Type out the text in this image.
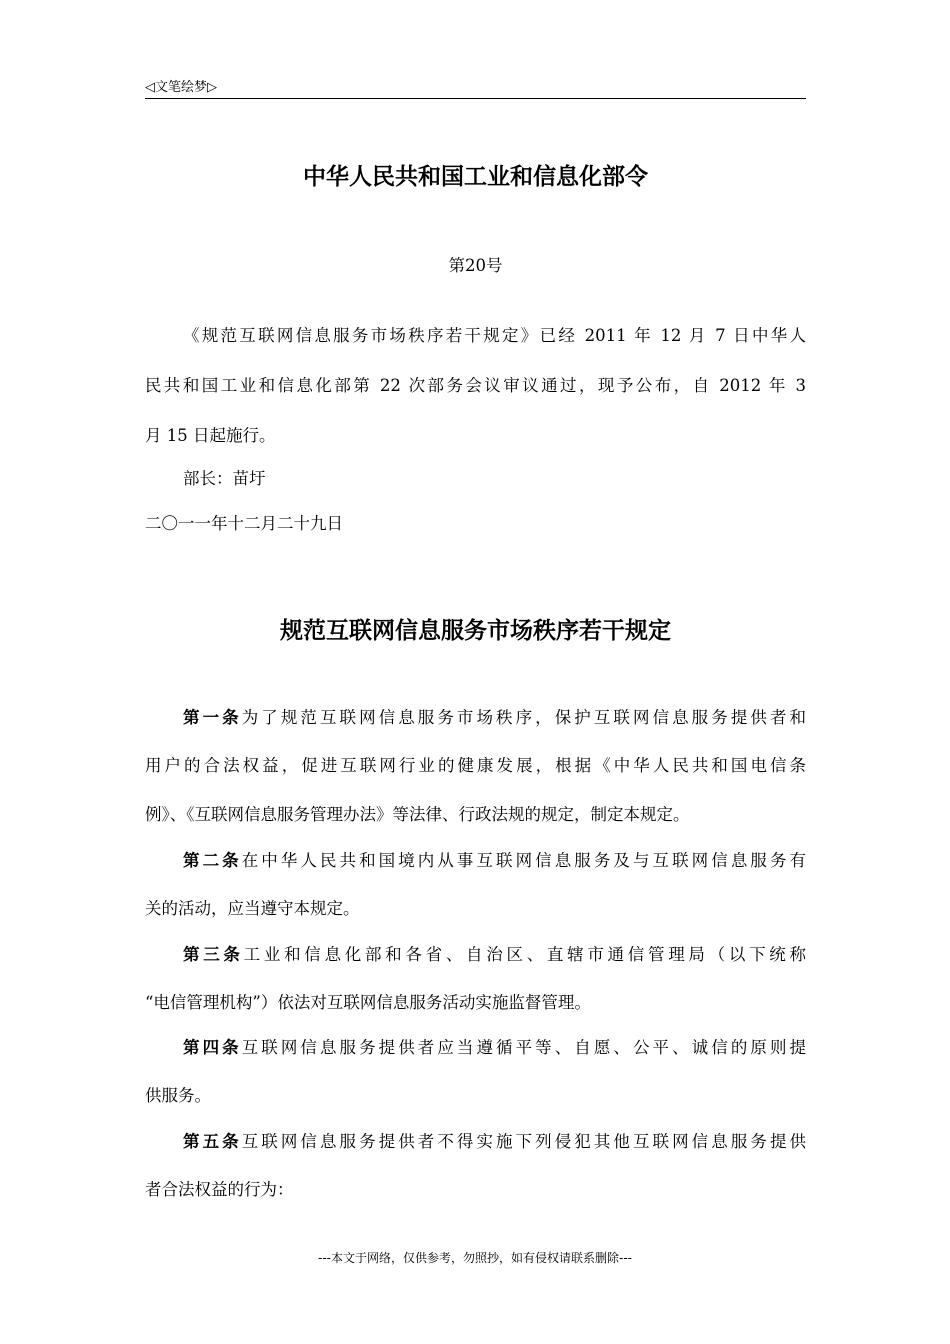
◁文笔绘梦▷
中华人民共和国工业和信息化部令
第20号
《规范互联网信息服务市场秩序若干规定》已经 2011 年 12 月 7 日中华人
民共和国工业和信息化部第 22 次部务会议审议通过，现予公布，自 2012 年 3
月 15 日起施行。
部长：苗圩
二〇一一年十二月二十九日
规范互联网信息服务市场秩序若干规定
第一条为了规范互联网信息服务市场秩序，保护互联网信息服务提供者和
用户的合法权益，促进互联网行业的健康发展，根据《中华人民共和国电信条
例》、《互联网信息服务管理办法》等法律、行政法规的规定，制定本规定。
第二条在中华人民共和国境内从事互联网信息服务及与互联网信息服务有
关的活动，应当遵守本规定。
第三条工业和信息化部和各省、自治区、直辖市通信管理局（以下统称
“电信管理机构”）依法对互联网信息服务活动实施监督管理。
第四条互联网信息服务提供者应当遵循平等、自愿、公平、诚信的原则提
供服务。
第五条互联网信息服务提供者不得实施下列侵犯其他互联网信息服务提供
者合法权益的行为：
---本文于网络，仅供参考，勿照抄，如有侵权请联系删除---
